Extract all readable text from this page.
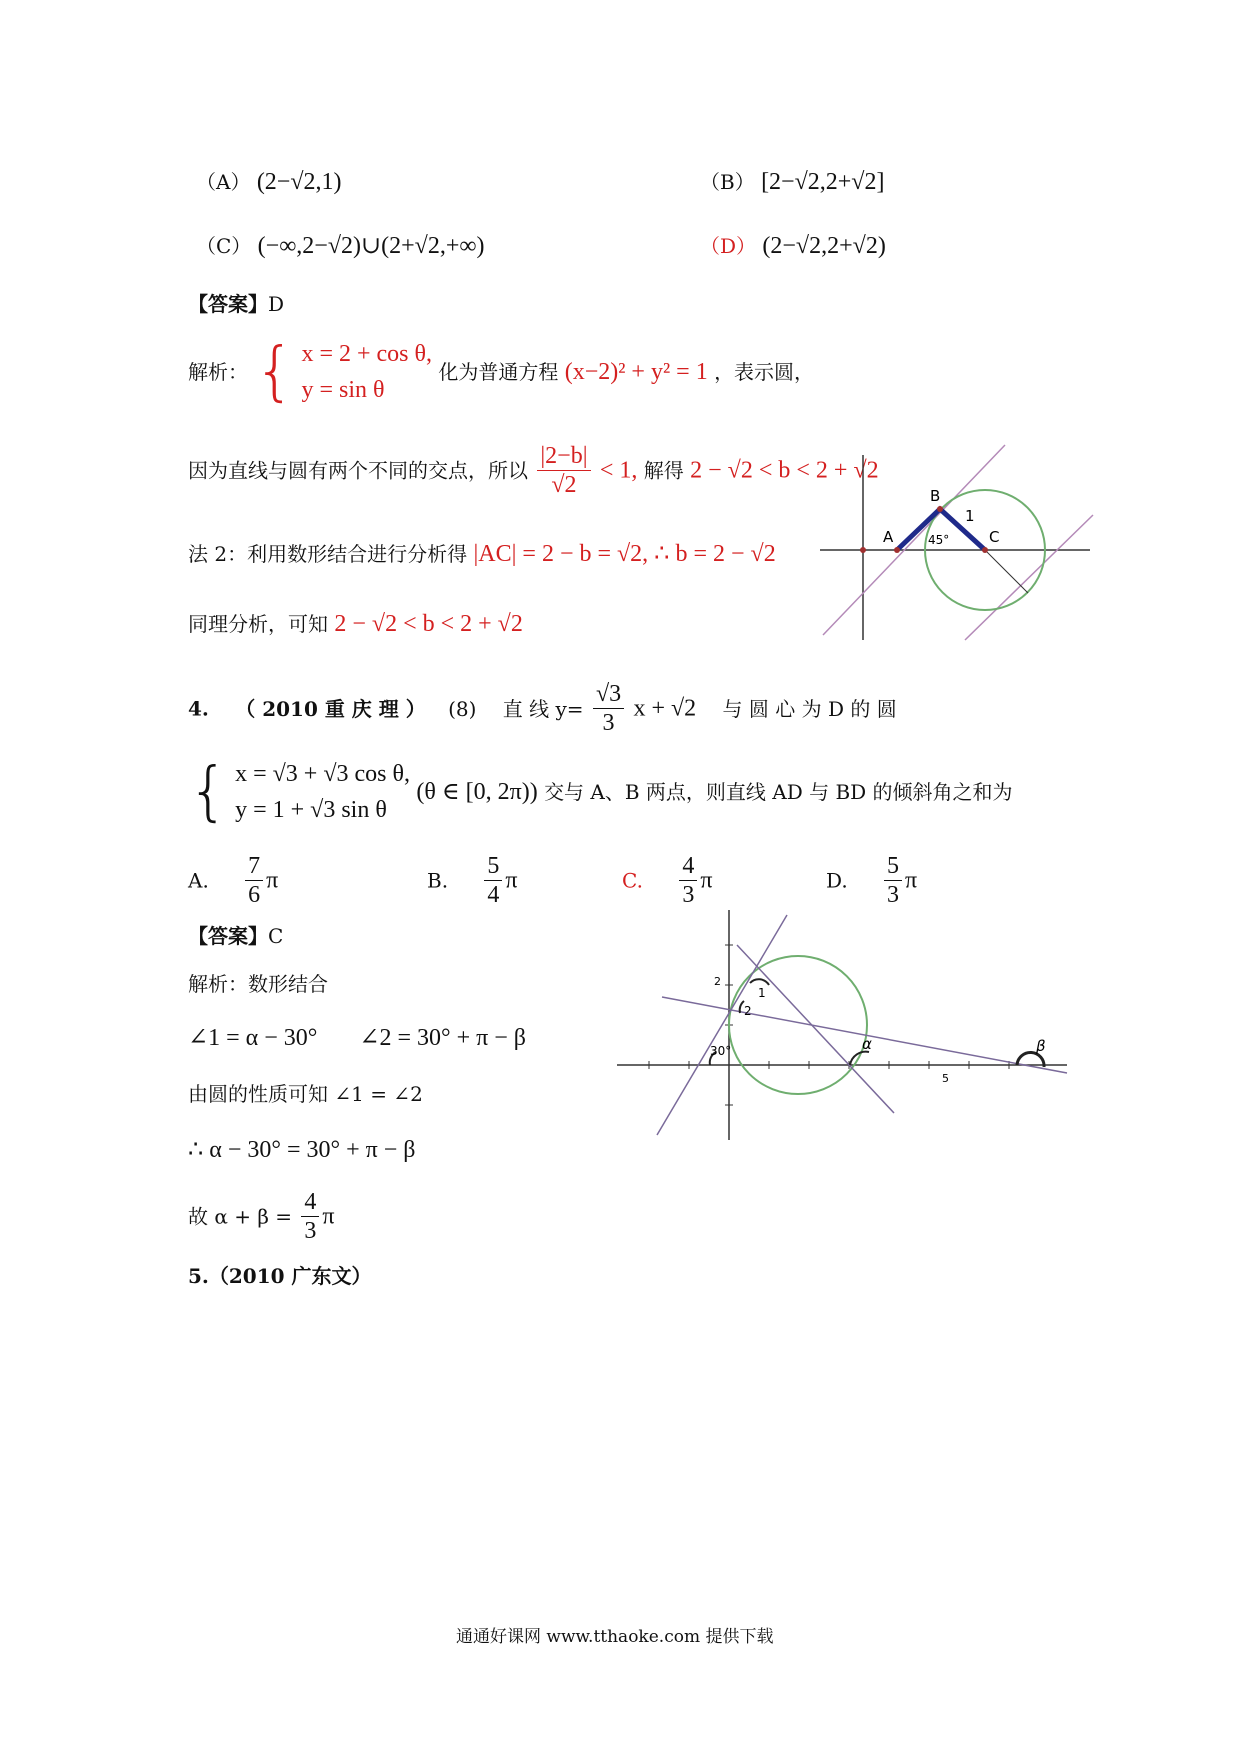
（A） (2−√2,1)	（B） [2−√2,2+√2]
（C） (−∞,2−√2)∪(2+√2,+∞)	（D） (2−√2,2+√2)
【答案】D
解析： { x = 2 + cos θ,
y = sin θ
化为普通方程 (x−2)² + y² = 1 ，表示圆，
因为直线与圆有两个不同的交点，所以 $\frac{|2-b|}{√2} < 1$, 解得 2 − √2 < b < 2 + √2
法 2：利用数形结合进行分析得 |AC| = 2 − b = √2, ∴ b = 2 − √2
同理分析，可知 2 − √2 < b < 2 + √2
A
B
C
1
45°
4. （ 2010 重 庆 理 ） (8) 直 线 $y= \frac{√3}{3}$ x + √2 与 圆 心 为 D 的 圆
{ x = √3 + √3 cos θ,
y = 1 + √3 sin θ
(θ ∈ [0, 2π)) 交与 A、B 两点，则直线 AD 与 BD 的倾斜角之和为
A. $\frac{7}{6}$ π	B. $\frac{5}{4}$ π	C. $\frac{4}{3}$ π	D. $\frac{5}{3}$ π
【答案】C
解析：数形结合
∠1 = α − 30° ∠2 = 30° + π − β
由圆的性质可知 ∠1 = ∠2
∴ α − 30° = 30° + π − β
故 $\alpha + \beta = \frac{4}{3}$ π
2
1
2
30°	α
5
β
5.（2010 广东文）
通通好课网 www.tthaoke.com 提供下载
